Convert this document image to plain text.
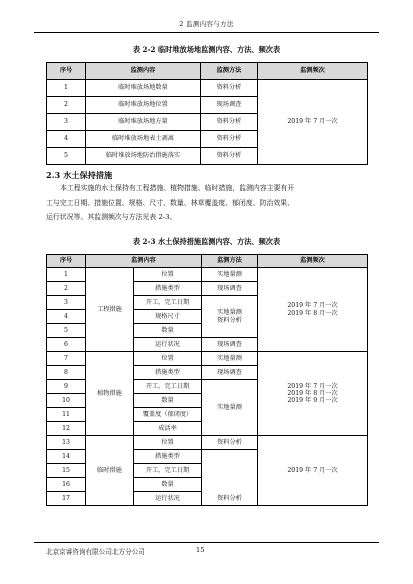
2 监测内容与方法
表 2-2 临时堆放场地监测内容、方法、频次表
序号	监测内容	监测方法	监测频次
1	临时堆放场地数量	资料分析	2019 年 7 月一次
2	临时堆放场地位置	现场调查	
3	临时堆放场地方量	资料分析	
4	临时堆放场地表土剥离	资料分析	
5	临时堆放场地防治措施落实	资料分析	
2.3 水土保持措施
本工程实施的水土保持有工程措施、植物措施、临时措施，监测内容主要有开
工与完工日期、措施位置、规格、尺寸、数量、林草覆盖度、郁闭度、防治效果、
运行状况等。其监测频次与方法见表 2-3。
表 2-3 水土保持措施监测内容、方法、频次表
序号	监测内容		监测方法	监测频次
1	工程措施	位置	实地量测	2019 年 7 月一次
2019 年 8 月一次
2		措施类型	现场调查	
3		开工、完工日期	实地量测
资料分析	
4		规格尺寸		
5		数量		
6		运行状况	现场调查	
7	植物措施	位置	实地量测	2019 年 7 月一次
2019 年 8 月一次
2019 年 9 月一次
8		措施类型	现场调查	
9		开工、完工日期	实地量测	
10		数量		
11		覆盖度（郁闭度）		
12		成活率		
13	临时措施	位置	资料分析	2019 年 7 月一次
14		措施类型	资料分析	
15		开工、完工日期		
16		数量		
17		运行状况		
北京京睿咨询有限公司北方分公司	15
